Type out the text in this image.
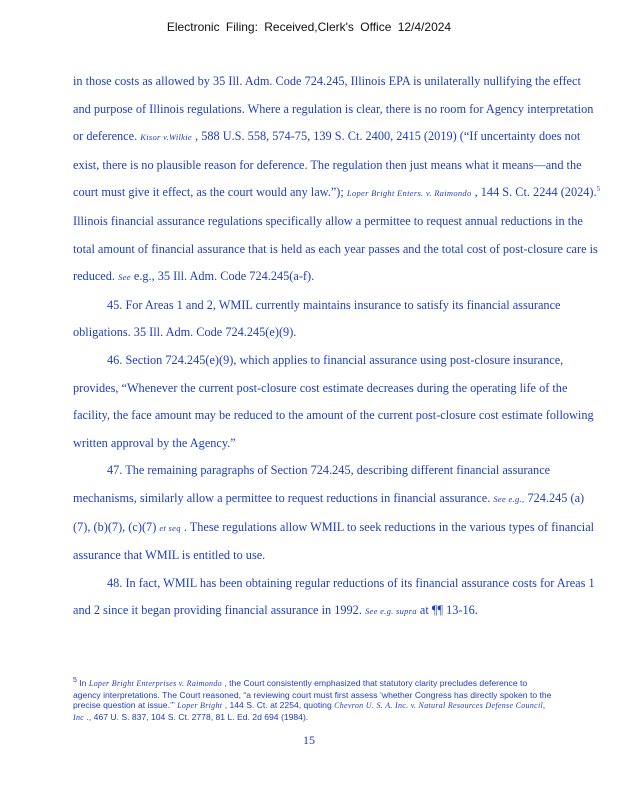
Electronic Filing: Received,Clerk's Office 12/4/2024

in those costs as allowed by 35 Ill. Adm. Code 724.245, Illinois EPA is unilaterally nullifying the effect and purpose of Illinois regulations. Where a regulation is clear, there is no room for Agency interpretation or deference. Kisor v.Wilkie , 588 U.S. 558, 574-75, 139 S. Ct. 2400, 2415 (2019) (“If uncertainty does not exist, there is no plausible reason for deference. The regulation then just means what it means—and the court must give it effect, as the court would any law.”); Loper Bright Enters. v. Raimondo , 144 S. Ct. 2244 (2024).$^5$ Illinois financial assurance regulations specifically allow a permittee to request annual reductions in the total amount of financial assurance that is held as each year passes and the total cost of post-closure care is reduced. See e.g., 35 Ill. Adm. Code 724.245(a-f).

45. For Areas 1 and 2, WMIL currently maintains insurance to satisfy its financial assurance obligations. 35 Ill. Adm. Code 724.245(e)(9).

46. Section 724.245(e)(9), which applies to financial assurance using post-closure insurance, provides, “Whenever the current post-closure cost estimate decreases during the operating life of the facility, the face amount may be reduced to the amount of the current post-closure cost estimate following written approval by the Agency.”

47. The remaining paragraphs of Section 724.245, describing different financial assurance mechanisms, similarly allow a permittee to request reductions in financial assurance. See e.g., 724.245 (a)(7), (b)(7), (c)(7) et seq . These regulations allow WMIL to seek reductions in the various types of financial assurance that WMIL is entitled to use.

48. In fact, WMIL has been obtaining regular reductions of its financial assurance costs for Areas 1 and 2 since it began providing financial assurance in 1992. See e.g. supra at ¶¶ 13-16.

$^5$ In Loper Bright Enterprises v. Raimondo , the Court consistently emphasized that statutory clarity precludes deference to agency interpretations. The Court reasoned, “a reviewing court must first assess ‘whether Congress has directly spoken to the precise question at issue.’” Loper Bright , 144 S. Ct. at 2254, quoting Chevron U. S. A. Inc. v. Natural Resources Defense Council, Inc ., 467 U. S. 837, 104 S. Ct. 2778, 81 L. Ed. 2d 694 (1984).
15
